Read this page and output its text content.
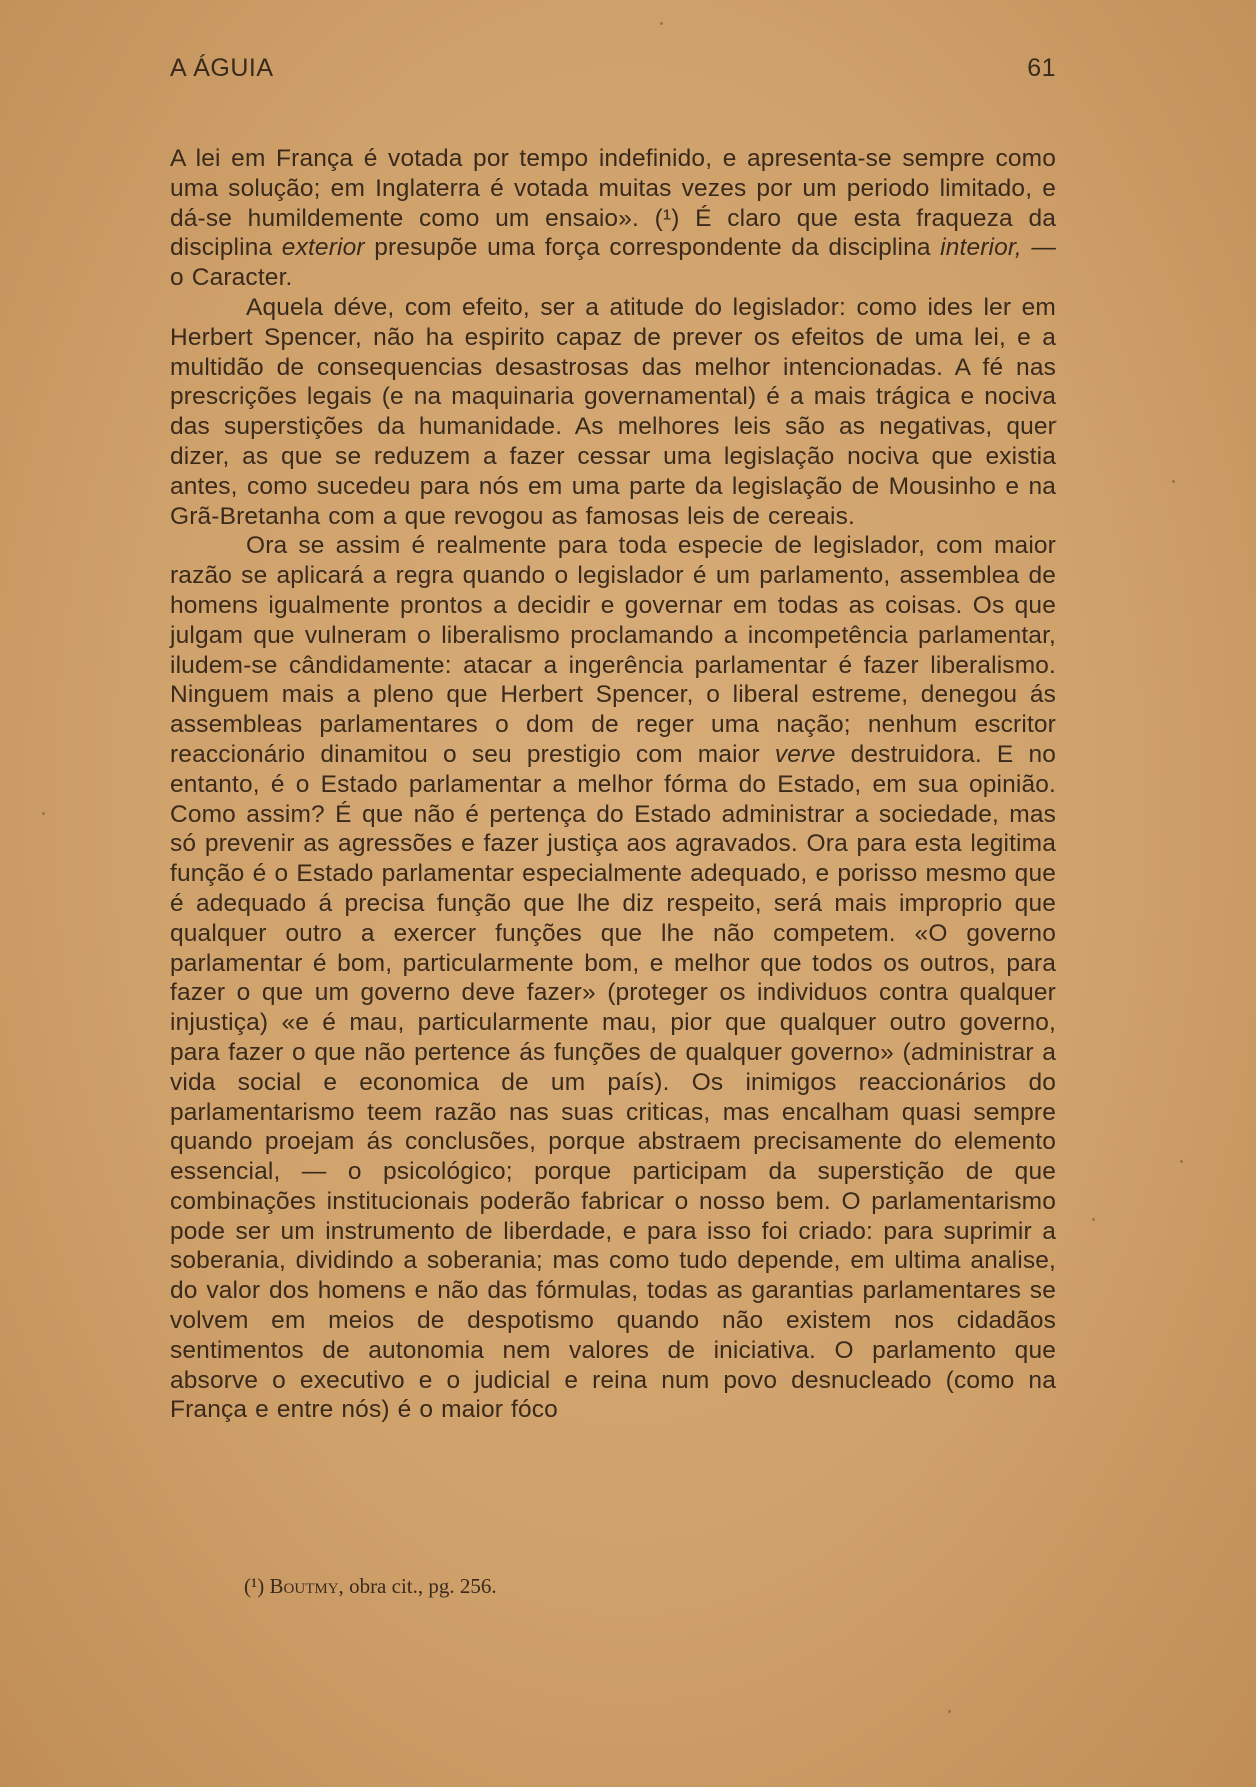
A ÁGUIA	61

A lei em França é votada por tempo indefinido, e apresenta-se sempre como uma solução; em Inglaterra é votada muitas vezes por um periodo limitado, e dá-se humildemente como um ensaio». (¹) É claro que esta fraqueza da disciplina exterior presupõe uma força correspondente da disciplina interior, — o Caracter.

Aquela déve, com efeito, ser a atitude do legislador: como ides ler em Herbert Spencer, não ha espirito capaz de prever os efeitos de uma lei, e a multidão de consequencias desastrosas das melhor intencionadas. A fé nas prescrições legais (e na maquinaria governamental) é a mais trágica e nociva das superstições da humanidade. As melhores leis são as negativas, quer dizer, as que se reduzem a fazer cessar uma legislação nociva que existia antes, como sucedeu para nós em uma parte da legislação de Mousinho e na Grã-Bretanha com a que revogou as famosas leis de cereais.

Ora se assim é realmente para toda especie de legislador, com maior razão se aplicará a regra quando o legislador é um parlamento, assemblea de homens igualmente prontos a decidir e governar em todas as coisas. Os que julgam que vulneram o liberalismo proclamando a incompetência parlamentar, iludem-se cândidamente: atacar a ingerência parlamentar é fazer liberalismo. Ninguem mais a pleno que Herbert Spencer, o liberal estreme, denegou ás assembleas parlamentares o dom de reger uma nação; nenhum escritor reaccionário dinamitou o seu prestigio com maior verve destruidora. E no entanto, é o Estado parlamentar a melhor fórma do Estado, em sua opinião. Como assim? É que não é pertença do Estado administrar a sociedade, mas só prevenir as agressões e fazer justiça aos agravados. Ora para esta legitima função é o Estado parlamentar especialmente adequado, e porisso mesmo que é adequado á precisa função que lhe diz respeito, será mais improprio que qualquer outro a exercer funções que lhe não competem. «O governo parlamentar é bom, particularmente bom, e melhor que todos os outros, para fazer o que um governo deve fazer» (proteger os individuos contra qualquer injustiça) «e é mau, particularmente mau, pior que qualquer outro governo, para fazer o que não pertence ás funções de qualquer governo» (administrar a vida social e economica de um país). Os inimigos reaccionários do parlamentarismo teem razão nas suas criticas, mas encalham quasi sempre quando proejam ás conclusões, porque abstraem precisamente do elemento essencial, — o psicológico; porque participam da superstição de que combinações institucionais poderão fabricar o nosso bem. O parlamentarismo pode ser um instrumento de liberdade, e para isso foi criado: para suprimir a soberania, dividindo a soberania; mas como tudo depende, em ultima analise, do valor dos homens e não das fórmulas, todas as garantias parlamentares se volvem em meios de despotismo quando não existem nos cidadãos sentimentos de autonomia nem valores de iniciativa. O parlamento que absorve o executivo e o judicial e reina num povo desnucleado (como na França e entre nós) é o maior fóco

(¹) Boutmy, obra cit., pg. 256.
